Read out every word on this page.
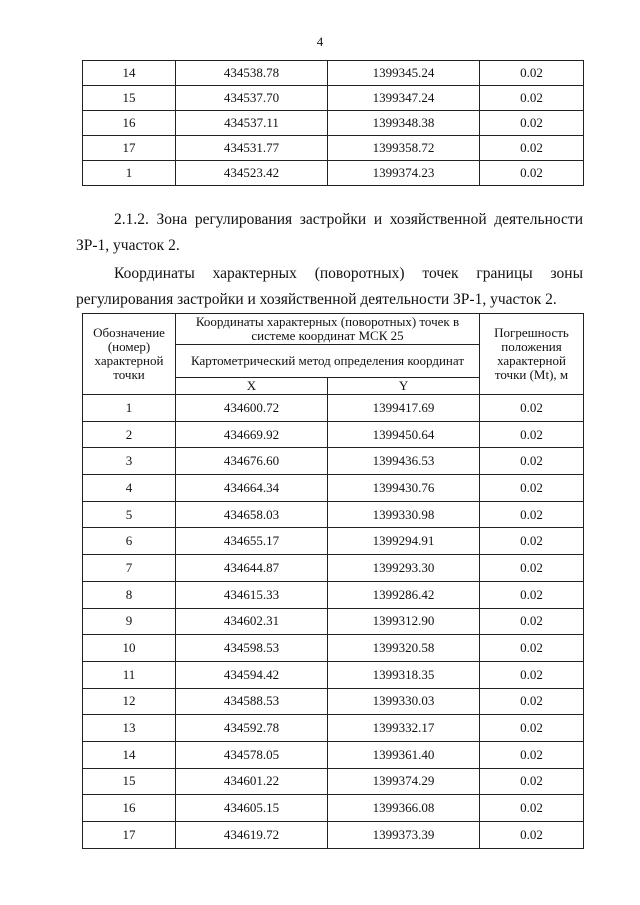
4
14	434538.78	1399345.24	0.02
15	434537.70	1399347.24	0.02
16	434537.11	1399348.38	0.02
17	434531.77	1399358.72	0.02
1	434523.42	1399374.23	0.02

2.1.2. Зона регулирования застройки и хозяйственной деятельности ЗР-1, участок 2.

Координаты характерных (поворотных) точек границы зоны
регулирования застройки и хозяйственной деятельности ЗР-1, участок 2.
Обозначение (номер) характерной точки	Координаты характерных (поворотных) точек в системе координат МСК 25		Погрешность положения характерной точки (Mt), м
	Картометрический метод определения координат		
	X	Y	
1	434600.72	1399417.69	0.02
2	434669.92	1399450.64	0.02
3	434676.60	1399436.53	0.02
4	434664.34	1399430.76	0.02
5	434658.03	1399330.98	0.02
6	434655.17	1399294.91	0.02
7	434644.87	1399293.30	0.02
8	434615.33	1399286.42	0.02
9	434602.31	1399312.90	0.02
10	434598.53	1399320.58	0.02
11	434594.42	1399318.35	0.02
12	434588.53	1399330.03	0.02
13	434592.78	1399332.17	0.02
14	434578.05	1399361.40	0.02
15	434601.22	1399374.29	0.02
16	434605.15	1399366.08	0.02
17	434619.72	1399373.39	0.02
